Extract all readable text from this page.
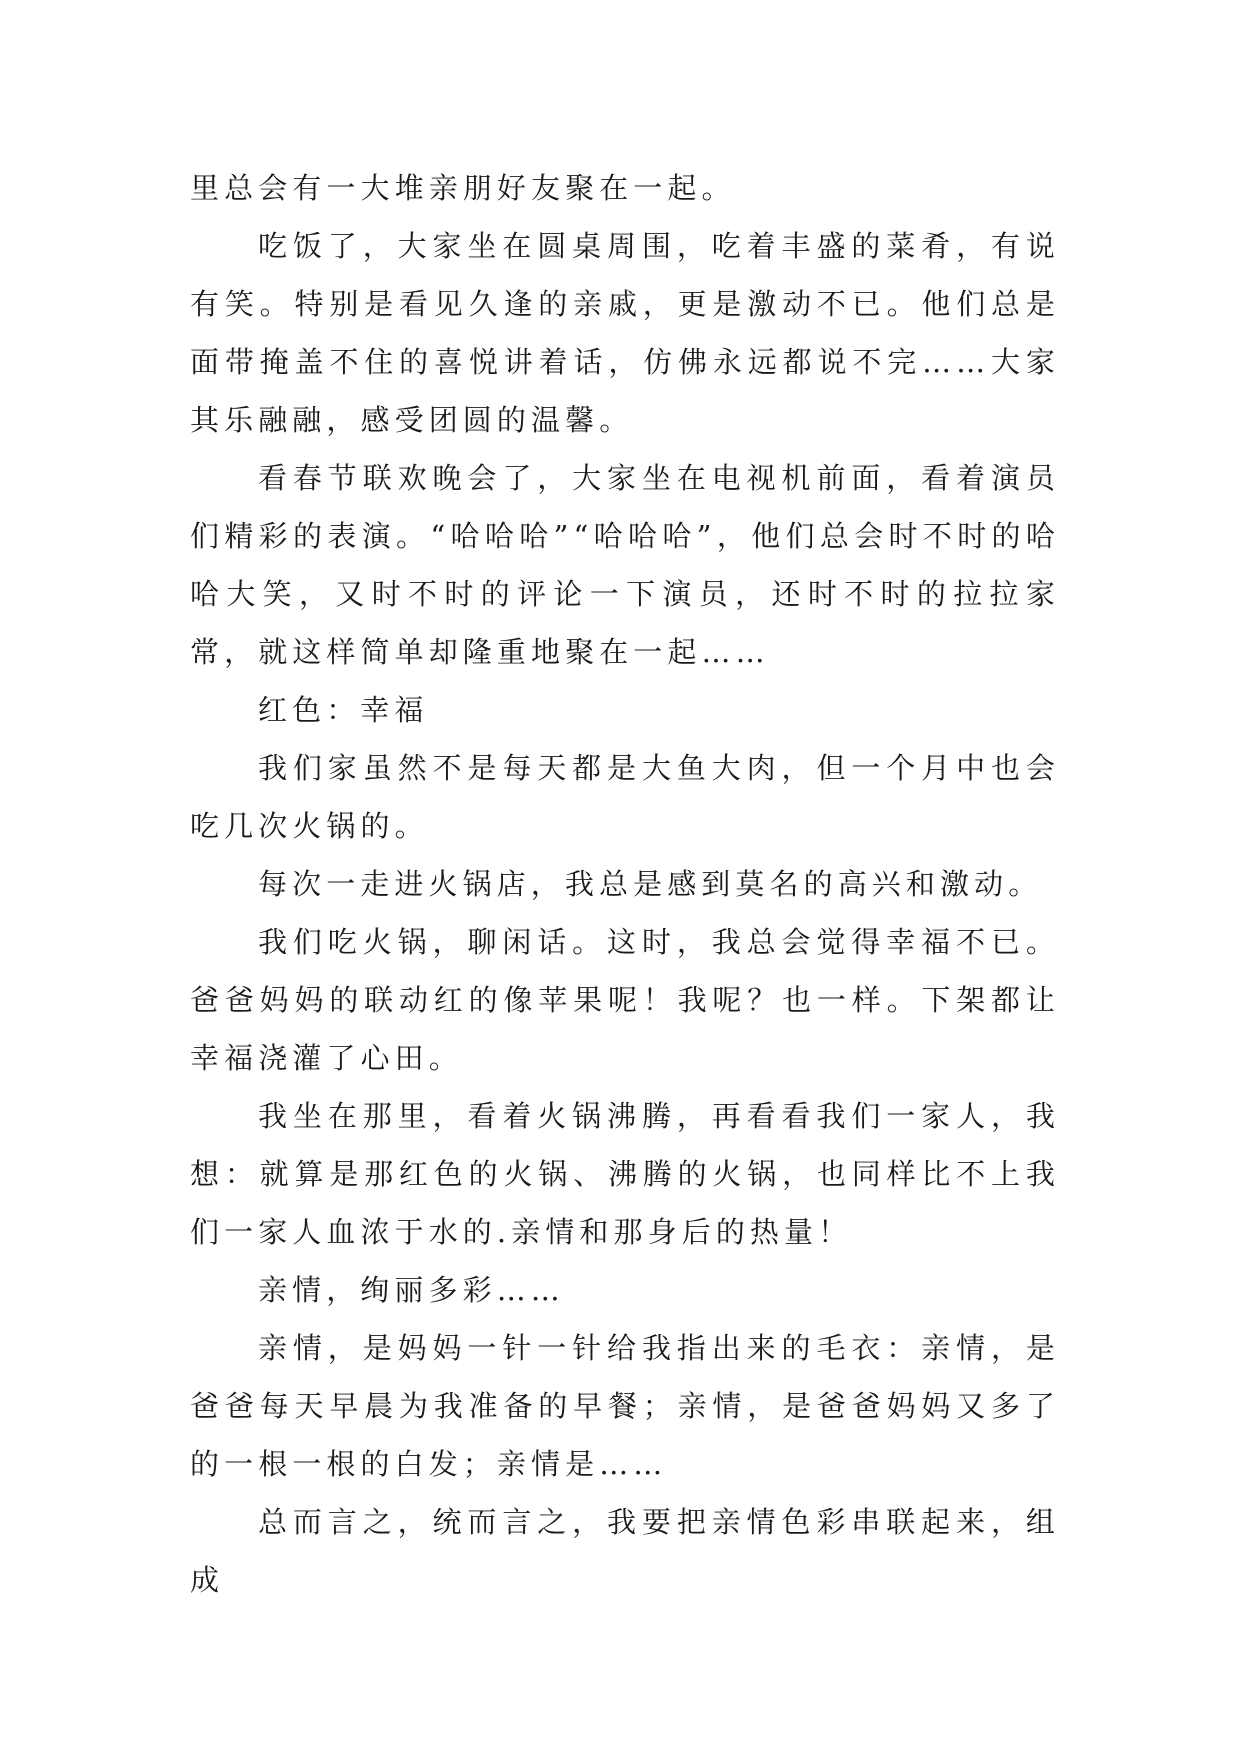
里总会有一大堆亲朋好友聚在一起。

吃饭了，大家坐在圆桌周围，吃着丰盛的菜肴，有说有笑。特别是看见久逢的亲戚，更是激动不已。他们总是面带掩盖不住的喜悦讲着话，仿佛永远都说不完……大家其乐融融，感受团圆的温馨。

看春节联欢晚会了，大家坐在电视机前面，看着演员们精彩的表演。“哈哈哈”“哈哈哈”，他们总会时不时的哈哈大笑，又时不时的评论一下演员，还时不时的拉拉家常，就这样简单却隆重地聚在一起……

红色：幸福

我们家虽然不是每天都是大鱼大肉，但一个月中也会吃几次火锅的。

每次一走进火锅店，我总是感到莫名的高兴和激动。

我们吃火锅，聊闲话。这时，我总会觉得幸福不已。爸爸妈妈的联动红的像苹果呢！我呢？也一样。下架都让幸福浇灌了心田。

我坐在那里，看着火锅沸腾，再看看我们一家人，我想：就算是那红色的火锅、沸腾的火锅，也同样比不上我们一家人血浓于水的.亲情和那身后的热量！

亲情，绚丽多彩……

亲情，是妈妈一针一针给我指出来的毛衣：亲情，是爸爸每天早晨为我准备的早餐；亲情，是爸爸妈妈又多了的一根一根的白发；亲情是……

总而言之，统而言之，我要把亲情色彩串联起来，组成
